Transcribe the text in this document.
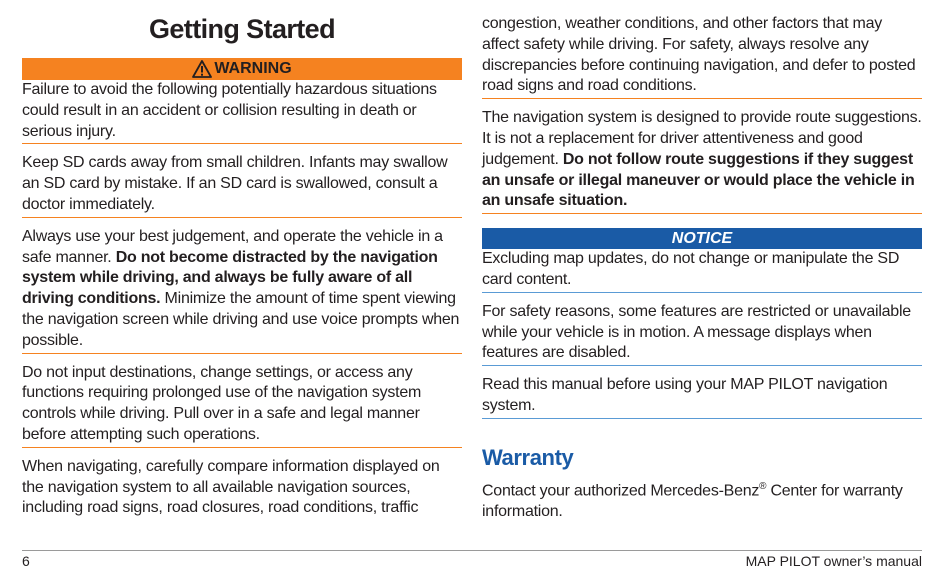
Getting Started
WARNING

Failure to avoid the following potentially hazardous situations could result in an accident or collision resulting in death or serious injury.

Keep SD cards away from small children. Infants may swallow an SD card by mistake. If an SD card is swallowed, consult a doctor immediately.

Always use your best judgement, and operate the vehicle in a safe manner. Do not become distracted by the navigation system while driving, and always be fully aware of all driving conditions. Minimize the amount of time spent viewing the navigation screen while driving and use voice prompts when possible.

Do not input destinations, change settings, or access any functions requiring prolonged use of the navigation system controls while driving. Pull over in a safe and legal manner before attempting such operations.

When navigating, carefully compare information displayed on the navigation system to all available navigation sources, including road signs, road closures, road conditions, traffic

congestion, weather conditions, and other factors that may affect safety while driving. For safety, always resolve any discrepancies before continuing navigation, and defer to posted road signs and road conditions.

The navigation system is designed to provide route suggestions. It is not a replacement for driver attentiveness and good judgement. Do not follow route suggestions if they suggest an unsafe or illegal maneuver or would place the vehicle in an unsafe situation.

NOTICE

Excluding map updates, do not change or manipulate the SD card content.

For safety reasons, some features are restricted or unavailable while your vehicle is in motion. A message displays when features are disabled.

Read this manual before using your MAP PILOT navigation system.

Warranty

Contact your authorized Mercedes-Benz® Center for warranty information.

6	MAP PILOT owner’s manual
